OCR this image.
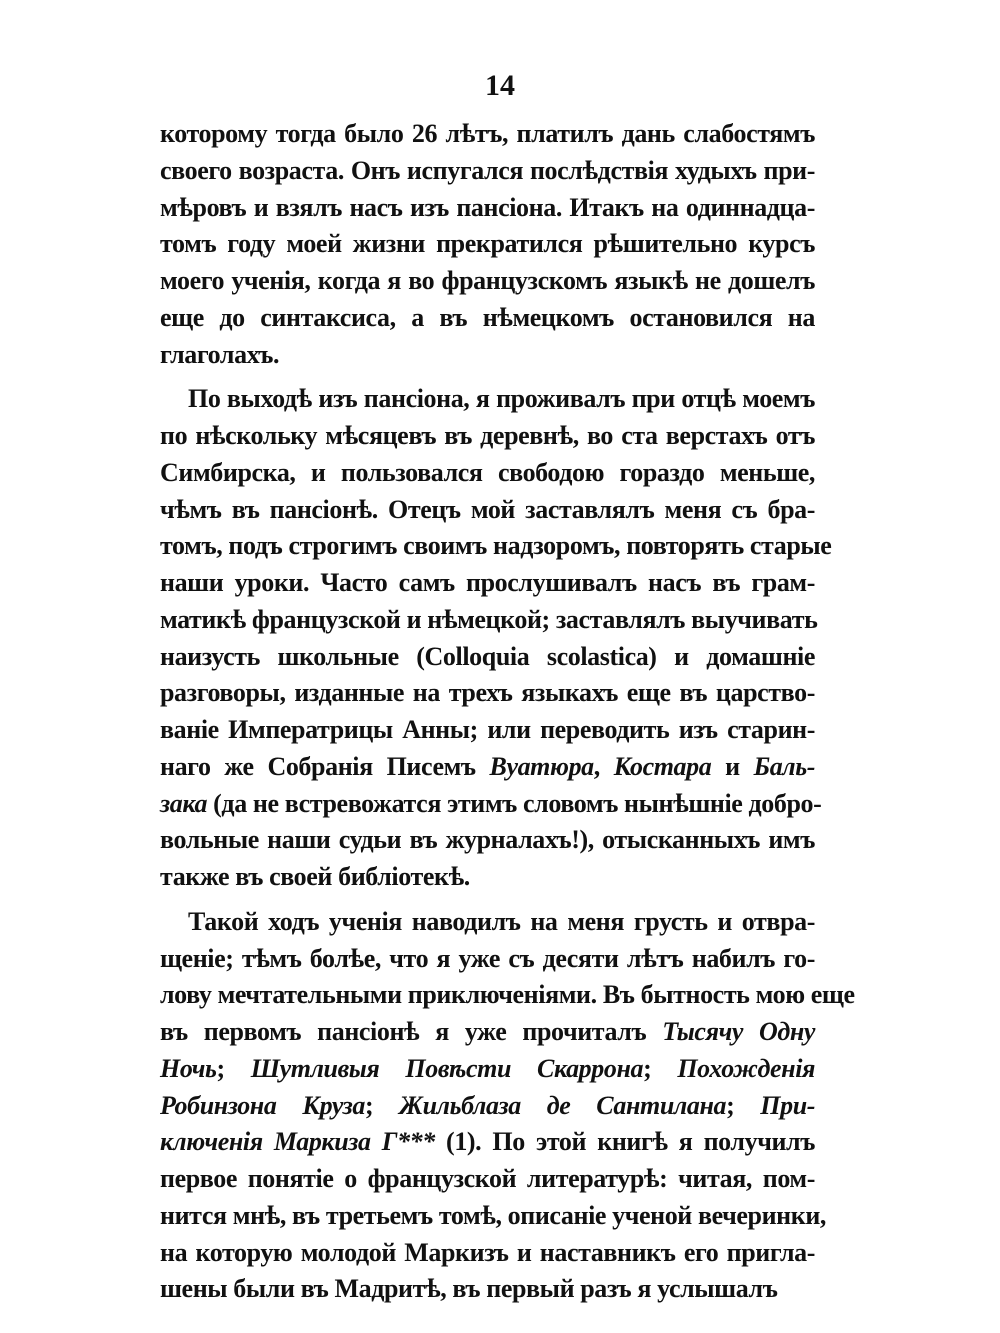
14
которому тогда было 26 лѣтъ, платилъ дань слабостямъ
своего возраста. Онъ испугался послѣдствія худыхъ при-
мѣровъ и взялъ насъ изъ пансіона. Итакъ на одиннадца-
томъ году моей жизни прекратился рѣшительно курсъ
моего ученія, когда я во французскомъ языкѣ не дошелъ
еще до синтаксиса, а въ нѣмецкомъ остановился на
глаголахъ.
По выходѣ изъ пансіона, я проживалъ при отцѣ моемъ
по нѣскольку мѣсяцевъ въ деревнѣ, во ста верстахъ отъ
Симбирска, и пользовался свободою гораздо меньше,
чѣмъ въ пансіонѣ. Отецъ мой заставлялъ меня съ бра-
томъ, подъ строгимъ своимъ надзоромъ, повторять старые
наши уроки. Часто самъ прослушивалъ насъ въ грам-
матикѣ французской и нѣмецкой; заставлялъ выучивать
наизусть школьные (Colloquia scolastica) и домашніе
разговоры, изданные на трехъ языкахъ еще въ царство-
ваніе Императрицы Анны; или переводить изъ старин-
наго же Собранія Писемъ Вуатюра, Костара и Баль-
зака (да не встревожатся этимъ словомъ нынѣшніе добро-
вольные наши судьи въ журналахъ!), отысканныхъ имъ
также въ своей библіотекѣ.
Такой ходъ ученія наводилъ на меня грусть и отвра-
щеніе; тѣмъ болѣе, что я уже съ десяти лѣтъ набилъ го-
лову мечтательными приключеніями. Въ бытность мою еще
въ первомъ пансіонѣ я уже прочиталъ Тысячу Одну
Ночь; Шутливыя Повѣсти Скаррона; Похожденія
Робинзона Круза; Жильблаза де Сантилана; При-
ключенія Маркиза Г*** (1). По этой книгѣ я получилъ
первое понятіе о французской литературѣ: читая, пом-
нится мнѣ, въ третьемъ томѣ, описаніе ученой вечеринки,
на которую молодой Маркизъ и наставникъ его пригла-
шены были въ Мадритѣ, въ первый разъ я услышалъ
